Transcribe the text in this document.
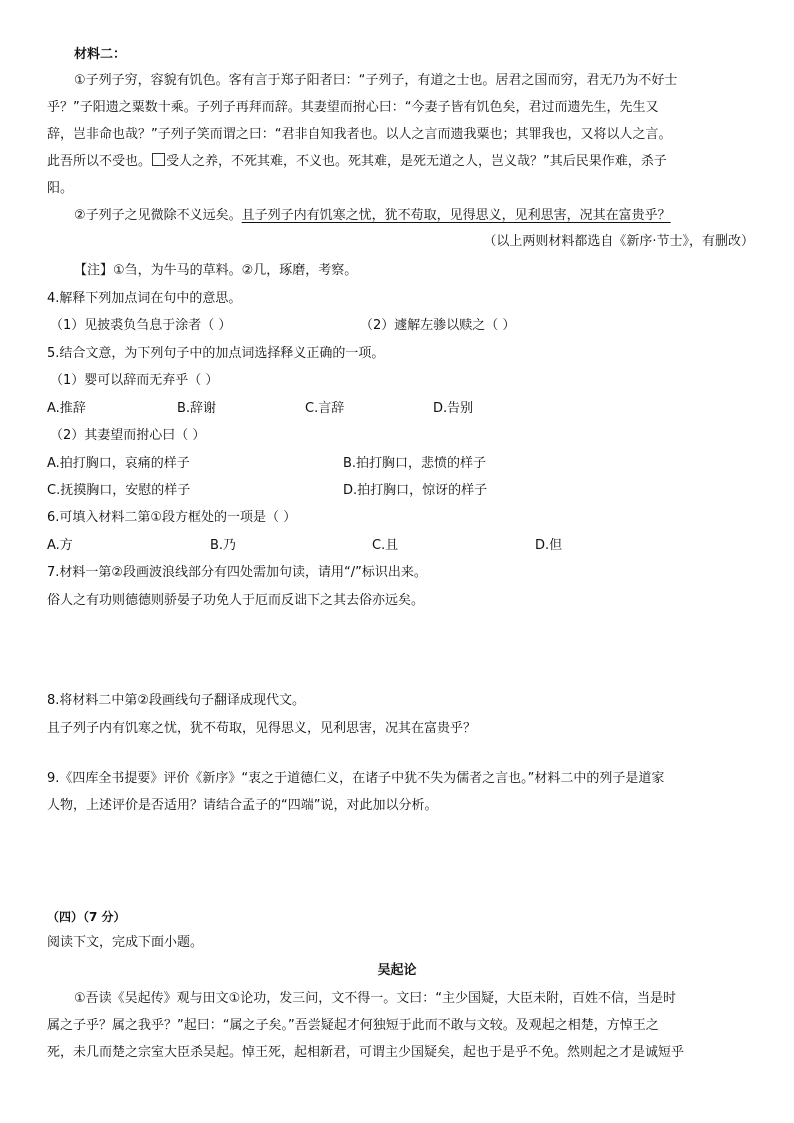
材料二：
①子列子穷，容貌有饥色。客有言于郑子阳者曰：“子列子，有道之士也。居君之国而穷，君无乃为不好士
乎？”子阳遗之粟数十乘。子列子再拜而辞。其妻望而拊心曰：“今妻子皆有饥色矣，君过而遗先生，先生又
辞，岂非命也哉？”子列子笑而谓之曰：“君非自知我者也。以人之言而遗我粟也；其罪我也，又将以人之言。
此吾所以不受也。 受人之养，不死其难，不义也。死其难，是死无道之人，岂义哉？”其后民果作难，杀子
阳。
②子列子之见微除不义远矣。且子列子内有饥寒之忧，犹不苟取，见得思义，见利思害，况其在富贵乎？
（以上两则材料都选自《新序·节士》，有删改）
【注】①刍，为牛马的草料。②几，琢磨，考察。
4.解释下列加点词在句中的意思。
（1）见披裘负刍息于涂者（ ）	（2）遽解左骖以赎之（ ）
5.结合文意，为下列句子中的加点词选择释义正确的一项。
（1）婴可以辞而无弃乎（ ）
A.推辞	B.辞谢	C.言辞	D.告别
（2）其妻望而拊心曰（ ）
A.拍打胸口，哀痛的样子	B.拍打胸口，悲愤的样子
C.抚摸胸口，安慰的样子	D.拍打胸口，惊讶的样子
6.可填入材料二第①段方框处的一项是（ ）
A.方	B.乃	C.且	D.但
7.材料一第②段画波浪线部分有四处需加句读，请用“/”标识出来。
俗人之有功则德德则骄晏子功免人于厄而反诎下之其去俗亦远矣。
8.将材料二中第②段画线句子翻译成现代文。
且子列子内有饥寒之忧，犹不苟取，见得思义，见利思害，况其在富贵乎？
9.《四库全书提要》评价《新序》“衷之于道德仁义，在诸子中犹不失为儒者之言也。”材料二中的列子是道家
人物，上述评价是否适用？请结合孟子的“四端”说，对此加以分析。
（四）（7 分）
阅读下文，完成下面小题。
吴起论
①吾读《吴起传》观与田文①论功，发三问，文不得一。文曰：“主少国疑，大臣未附，百姓不信，当是时
属之子乎？属之我乎？”起曰：“属之子矣。”吾尝疑起才何独短于此而不敢与文较。及观起之相楚，方悼王之
死，未几而楚之宗室大臣杀吴起。悼王死，起相新君，可谓主少国疑矣，起也于是乎不免。然则起之才是诚短乎
